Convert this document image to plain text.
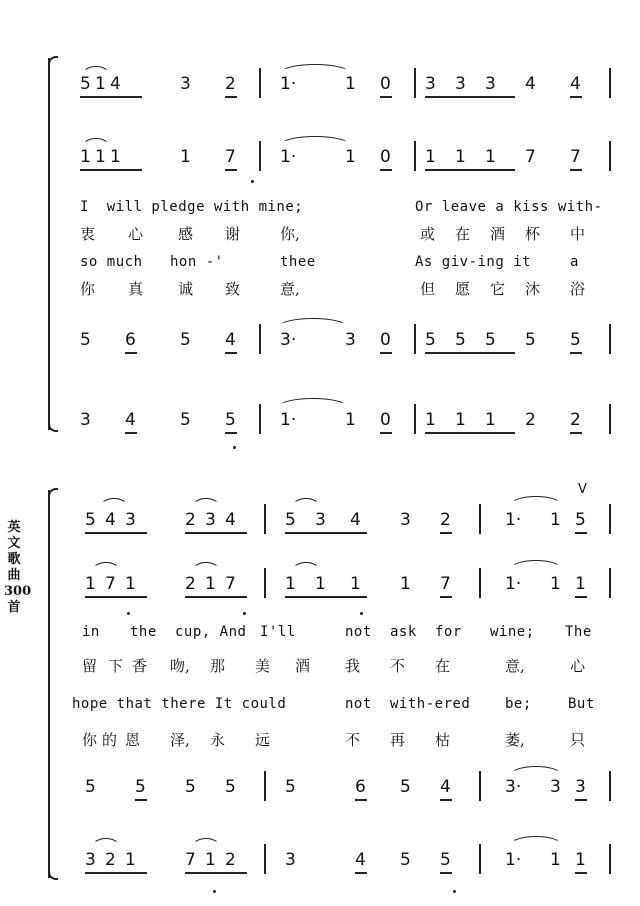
英文歌曲300首
5 1 4	3 2	1·	1 0 3 3 3 4 4
1 1 1	1 7	1·	1 0 1 1 1 7 7
I  will pledge with mine;	Or leave a kiss with-
衷 心 感 谢	你,	或 在 酒 杯 中
so much hon -'	thee	As giv-ing it	a
你 真 诚 致	意,	但 愿 它 沐 浴
5 6	5 4	3·	3 0 5 5 5 5 5
3 4	5 5	1·	1 0 1 1 1 2 2
5 4 3	2 3 4	5 3 4 3 2	1· 1 5
1 7 1	2 1 7	1 1 1 1 7	1· 1 1
in the cup, And I'll	not ask for wine; The
留 下 香 吻, 那 美 酒 我 不 在	意,	心
hope that there It could	not with-ered be;	But
你 的 恩 泽, 永 远	不 再 枯	萎,	只
5 5 5 5	5	6 5 4	3· 3 3
3 2 1	7 1 2	3	4 5 5	1· 1 1
V
